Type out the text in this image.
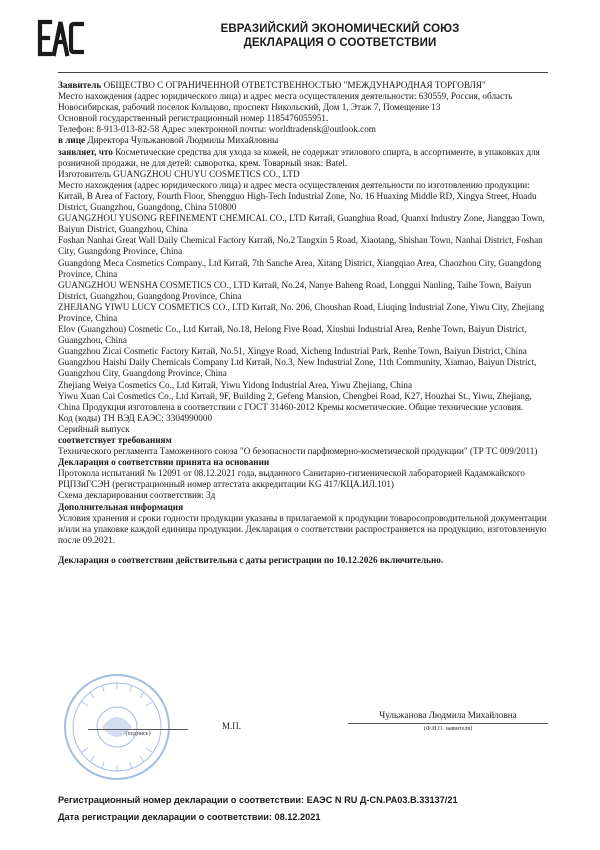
ЕВРАЗИЙСКИЙ ЭКОНОМИЧЕСКИЙ СОЮЗ
ДЕКЛАРАЦИЯ О СООТВЕТСТВИИ

Заявитель ОБЩЕСТВО С ОГРАНИЧЕННОЙ ОТВЕТСТВЕННОСТЬЮ "МЕЖДУНАРОДНАЯ ТОРГОВЛЯ"

Место нахождения (адрес юридического лица) и адрес места осуществления деятельности: 630559, Россия, область Новосибирская, рабочий поселок Кольцово, проспект Никольский, Дом 1, Этаж 7, Помещение 13

Основной государственный регистрационный номер 1185476055951.

Телефон: 8-913-013-82-58 Адрес электронной почты: worldtradensk@outlook.com

в лице Директора Чульжановой Людмилы Михайловны

заявляет, что Косметические средства для ухода за кожей, не содержат этилового спирта, в ассортименте, в упаковках для розничной продажи, не для детей: сыворотка, крем. Товарный знак: Batel.

Изготовитель GUANGZHOU CHUYU COSMETICS CO., LTD

Место нахождения (адрес юридического лица) и адрес места осуществления деятельности по изготовлению продукции: Китай, B Area of Factory, Fourth Floor, Shengguo High-Tech Industrial Zone, No. 16 Huaxing Middle RD, Xingya Street, Huadu District, Guangzhou, Guangdong, China 510800

GUANGZHOU YUSONG REFINEMENT CHEMICAL CO., LTD Китай, Guanghua Road, Quanxi Industry Zone, Jianggao Town, Baiyun District, Guangzhou, China

Foshan Nanhai Great Wall Daily Chemical Factory Китай, No.2 Tangxin 5 Road, Xiaotang, Shishan Town, Nanhai District, Foshan City, Guangdong Province, China

Guangdong Meca Cosmetics Company., Ltd Китай, 7th Sanche Area, Xitang District, Xiangqiao Area, Chaozhou City, Guangdong Province, China

GUANGZHOU WENSHA COSMETICS CO., LTD Китай, No.24, Nanye Baheng Road, Longgui Nanling, Taihe Town, Baiyun District, Guangzhou, Guangdong Province, China

ZHEJIANG YIWU LUCY COSMETICS CO., LTD Китай, No. 206, Choushan Road, Liuqing Industrial Zone, Yiwu City, Zhejiang Province, China

Elov (Guangzhou) Cosmetic Co., Ltd Китай, No.18, Helong Five Road, Xiushui Industrial Area, Renhe Town, Baiyun District, Guangzhou, China

Guangzhou Zicai Cosmetic Factory Китай, No.51, Xingye Road, Xicheng Industrial Park, Renhe Town, Baiyun District, China

Guangzhou Haishi Daily Chemicals Company Ltd Китай, No.3, New Industrial Zone, 11th Community, Xiamao, Baiyun District, Guangzhou City, Guangdong Province, China

Zhejiang Weiya Cosmetics Co., Ltd Китай, Yiwu Yidong Industrial Area, Yiwu Zhejiang, China

Yiwu Xuan Cai Cosmetics Co., Ltd Китай, 9F, Building 2, Gefeng Mansion, Chengbei Road, K27, Houzhai St., Yiwu, Zhejiang, China Продукция изготовлена в соответствии с ГОСТ 31460-2012 Кремы косметические. Общие технические условия.

Код (коды) ТН ВЭД ЕАЭС: 3304990000

Серийный выпуск

соответствует требованиям

Технического регламента Таможенного союза "О безопасности парфюмерно-косметической продукции" (ТР ТС 009/2011)

Декларация о соответствии принята на основании

Протокола испытаний № 12091 от 08.12.2021 года, выданного Санитарно-гигиенической лабораторией Кадамжайского РЦПЗиГСЭН (регистрационный номер аттестата аккредитации KG 417/КЦА.ИЛ.101)

Схема декларирования соответствия: 3д

Дополнительная информация

Условия хранения и сроки годности продукции указаны в прилагаемой к продукции товаросопроводительной документации и/или на упаковке каждой единицы продукции. Декларация о соответствии распространяется на продукцию, изготовленную после 09.2021.

Декларация о соответствии действительна с даты регистрации по 10.12.2026 включительно.

(подпись)
М.П.
Чульжанова Людмила Михайловна
(Ф.И.О. заявителя)
Регистрационный номер декларации о соответствии: ЕАЭС N RU Д-CN.РА03.В.33137/21
Дата регистрации декларации о соответствии: 08.12.2021
